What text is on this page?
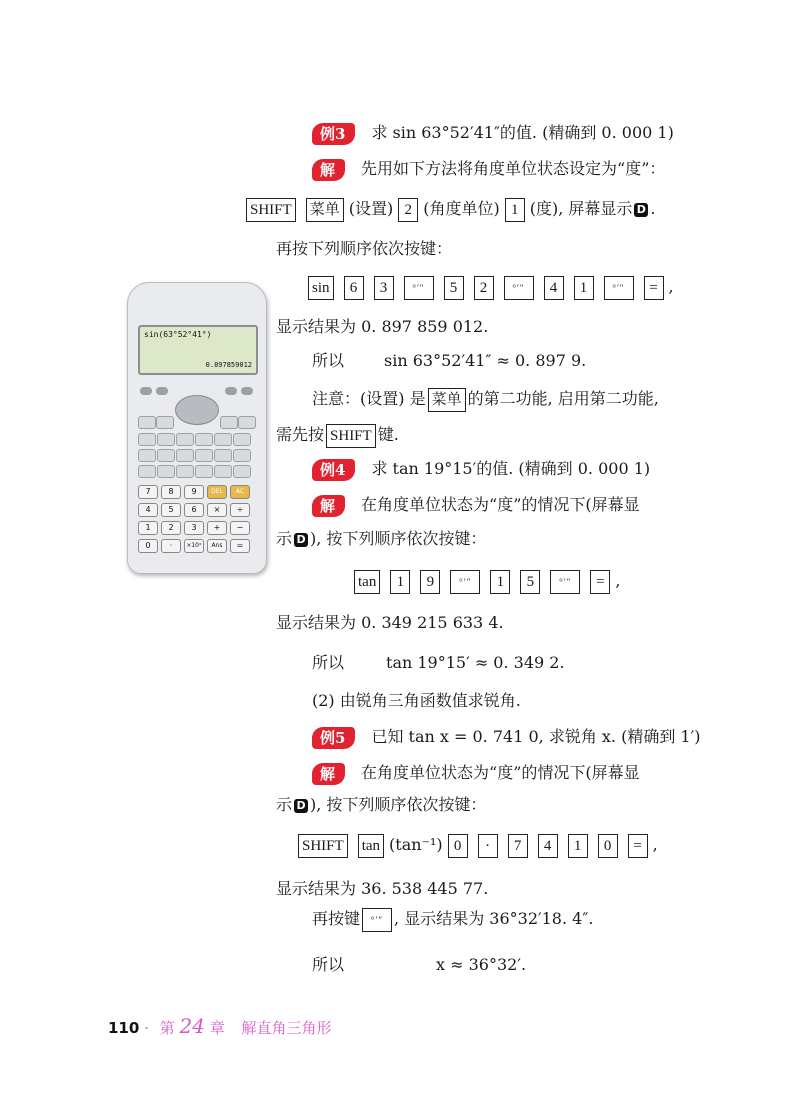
例3 求 sin 63°52′41″的值. (精确到 0. 000 1)
解 先用如下方法将角度单位状态设定为“度”：
SHIFT 菜单 (设置) 2 (角度单位) 1 (度), 屏幕显示 D .
再按下列顺序依次按键：
sin 6 3	°′″ 5 2	°′″ 4 1	°′″ = ,
显示结果为 0. 897 859 012.
所以	sin 63°52′41″ ≈ 0. 897 9.
注意：(设置) 是 菜单 的第二功能, 启用第二功能,
需先按 SHIFT 键.
例4 求 tan 19°15′的值. (精确到 0. 000 1)
解 在角度单位状态为“度”的情况下(屏幕显
示 D ), 按下列顺序依次按键：
tan 1 9	°′″ 1 5	°′″ = ,
显示结果为 0. 349 215 633 4.
所以	tan 19°15′ ≈ 0. 349 2.
(2) 由锐角三角函数值求锐角.
例5 已知 tan x = 0. 741 0, 求锐角 x. (精确到 1′)
解 在角度单位状态为“度”的情况下(屏幕显
示 D ), 按下列顺序依次按键：
SHIFT tan (tan⁻¹) 0 · 7 4 1 0 = ,
显示结果为 36. 538 445 77.
再按键 °′″ , 显示结果为 36°32′18. 4″.
所以	x ≈ 36°32′.
sin(63°52°41°)
0.897859012
7	8	9	DEL	AC
4	5	6	×	÷
1	2	3	+	−
0	·	×10ˣ	Ans	=
110 · 第 24 章 解直角三角形
